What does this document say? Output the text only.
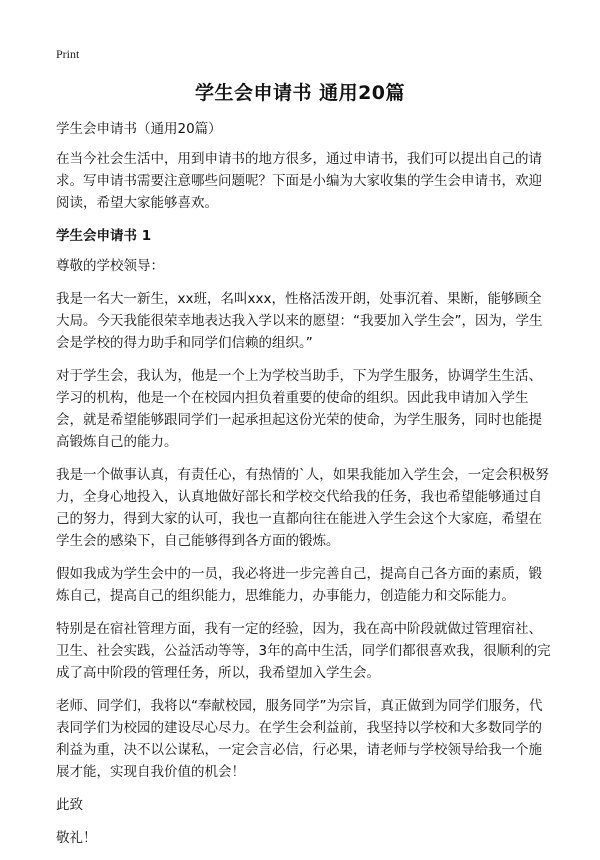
Print
学生会申请书 通用20篇

学生会申请书（通用20篇）

在当今社会生活中，用到申请书的地方很多，通过申请书，我们可以提出自己的请求。写申请书需要注意哪些问题呢？下面是小编为大家收集的学生会申请书，欢迎阅读，希望大家能够喜欢。

学生会申请书 1

尊敬的学校领导：

我是一名大一新生，xx班，名叫xxx，性格活泼开朗，处事沉着、果断，能够顾全大局。今天我能很荣幸地表达我入学以来的愿望：“我要加入学生会”，因为，学生会是学校的得力助手和同学们信赖的组织。”

对于学生会，我认为，他是一个上为学校当助手，下为学生服务，协调学生生活、学习的机构，他是一个在校园内担负着重要的使命的组织。因此我申请加入学生会，就是希望能够跟同学们一起承担起这份光荣的使命，为学生服务，同时也能提高锻炼自己的能力。

我是一个做事认真，有责任心，有热情的`人，如果我能加入学生会，一定会积极努力，全身心地投入，认真地做好部长和学校交代给我的任务，我也希望能够通过自己的努力，得到大家的认可，我也一直都向往在能进入学生会这个大家庭，希望在学生会的感染下，自己能够得到各方面的锻炼。

假如我成为学生会中的一员，我必将进一步完善自己，提高自己各方面的素质，锻炼自己，提高自己的组织能力，思维能力，办事能力，创造能力和交际能力。

特别是在宿社管理方面，我有一定的经验，因为，我在高中阶段就做过管理宿社、卫生、社会实践，公益活动等等，3年的高中生活，同学们都很喜欢我，很顺利的完成了高中阶段的管理任务，所以，我希望加入学生会。

老师、同学们，我将以“奉献校园，服务同学”为宗旨，真正做到为同学们服务，代表同学们为校园的建设尽心尽力。在学生会利益前，我坚持以学校和大多数同学的利益为重，决不以公谋私，一定会言必信，行必果，请老师与学校领导给我一个施展才能，实现自我价值的机会！

此致

敬礼！
